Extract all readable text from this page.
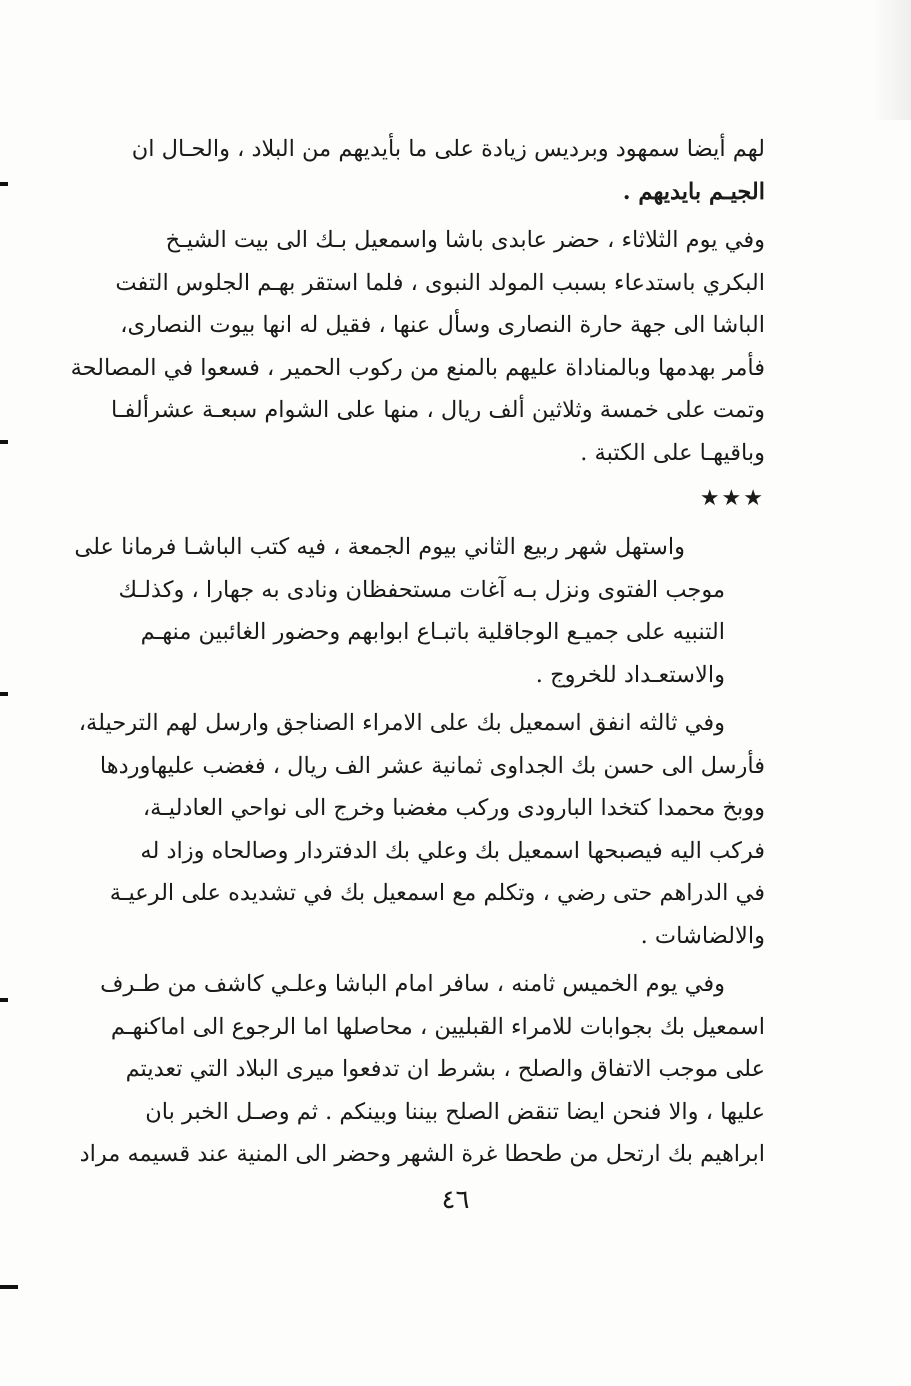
لهم أيضا سمهود وبرديس زيادة على ما بأيديهم من البلاد ، والحـال ان
الجيـم بايديهم .
وفي يوم الثلاثاء ، حضر عابدى باشا واسمعيل بـك الى بيت الشيـخ
البكري باستدعاء بسبب المولد النبوى ، فلما استقر بهـم الجلوس التفت
الباشا الى جهة حارة النصارى وسأل عنها ، فقيل له انها بيوت النصارى،
فأمر بهدمها وبالمناداة عليهم بالمنع من ركوب الحمير ، فسعوا في المصالحة
وتمت على خمسة وثلاثين ألف ريال ، منها على الشوام سبعـة عشرألفـا
وباقيهـا على الكتبة .
★★★
واستهل شهر ربيع الثاني بيوم الجمعة ، فيه كتب الباشـا فرمانا على
موجب الفتوى ونزل بـه آغات مستحفظان ونادى به جهارا ، وكذلـك
التنبيه على جميـع الوجاقلية باتبـاع ابوابهم وحضور الغائبين منهـم
والاستعـداد للخروج .
وفي ثالثه انفق اسمعيل بك على الامراء الصناجق وارسل لهم الترحيلة،
فأرسل الى حسن بك الجداوى ثمانية عشر الف ريال ، فغضب عليهاوردها
ووبخ محمدا كتخدا البارودى وركب مغضبا وخرج الى نواحي العادليـة،
فركب اليه فيصبحها اسمعيل بك وعلي بك الدفتردار وصالحاه وزاد له
في الدراهم حتى رضي ، وتكلم مع اسمعيل بك في تشديده على الرعيـة
والالضاشات .
وفي يوم الخميس ثامنه ، سافر امام الباشا وعلـي كاشف من طـرف
اسمعيل بك بجوابات للامراء القبليين ، محاصلها اما الرجوع الى اماكنهـم
على موجب الاتفاق والصلح ، بشرط ان تدفعوا ميرى البلاد التي تعديتم
عليها ، والا فنحن ايضا تنقض الصلح بيننا وبينكم . ثم وصـل الخبر بان
ابراهيم بك ارتحل من طحطا غرة الشهر وحضر الى المنية عند قسيمه مراد
٤٦
